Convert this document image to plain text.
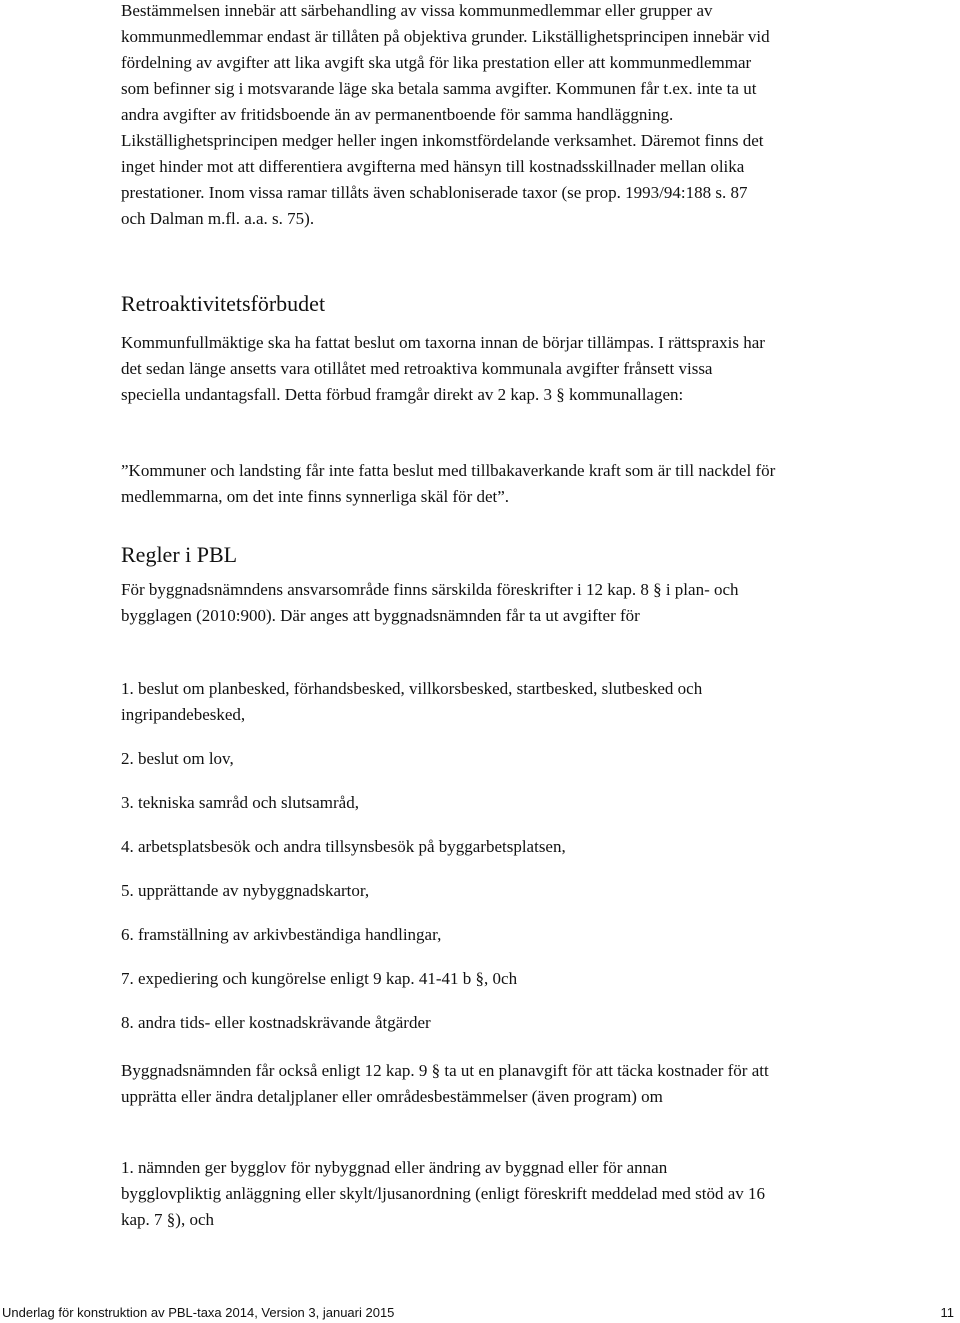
Bestämmelsen innebär att särbehandling av vissa kommunmedlemmar eller grupper av kommunmedlemmar endast är tillåten på objektiva grunder. Likställighetsprincipen innebär vid fördelning av avgifter att lika avgift ska utgå för lika prestation eller att kommunmedlemmar som befinner sig i motsvarande läge ska betala samma avgifter. Kommunen får t.ex. inte ta ut andra avgifter av fritidsboende än av permanentboende för samma handläggning. Likställighetsprincipen medger heller ingen inkomstfördelande verksamhet. Däremot finns det inget hinder mot att differentiera avgifterna med hänsyn till kostnadsskillnader mellan olika prestationer. Inom vissa ramar tillåts även schabloniserade taxor (se prop. 1993/94:188 s. 87 och Dalman m.fl. a.a. s. 75).

Retroaktivitetsförbudet

Kommunfullmäktige ska ha fattat beslut om taxorna innan de börjar tillämpas. I rättspraxis har det sedan länge ansetts vara otillåtet med retroaktiva kommunala avgifter frånsett vissa speciella undantagsfall. Detta förbud framgår direkt av 2 kap. 3 § kommunallagen:

”Kommuner och landsting får inte fatta beslut med tillbakaverkande kraft som är till nackdel för medlemmarna, om det inte finns synnerliga skäl för det”.

Regler i PBL

För byggnadsnämndens ansvarsområde finns särskilda föreskrifter i 12 kap. 8 § i plan- och bygglagen (2010:900). Där anges att byggnadsnämnden får ta ut avgifter för

1. beslut om planbesked, förhandsbesked, villkorsbesked, startbesked, slutbesked och ingripandebesked,

2. beslut om lov,

3. tekniska samråd och slutsamråd,

4. arbetsplatsbesök och andra tillsynsbesök på byggarbetsplatsen,

5. upprättande av nybyggnadskartor,

6. framställning av arkivbeständiga handlingar,

7. expediering och kungörelse enligt 9 kap. 41-41 b §, 0ch

8. andra tids- eller kostnadskrävande åtgärder

Byggnadsnämnden får också enligt 12 kap. 9 § ta ut en planavgift för att täcka kostnader för att upprätta eller ändra detaljplaner eller områdesbestämmelser (även program) om

1. nämnden ger bygglov för nybyggnad eller ändring av byggnad eller för annan bygglovpliktig anläggning eller skylt/ljusanordning (enligt föreskrift meddelad med stöd av 16 kap. 7 §), och

Underlag för konstruktion av PBL-taxa 2014, Version 3, januari 2015	11
